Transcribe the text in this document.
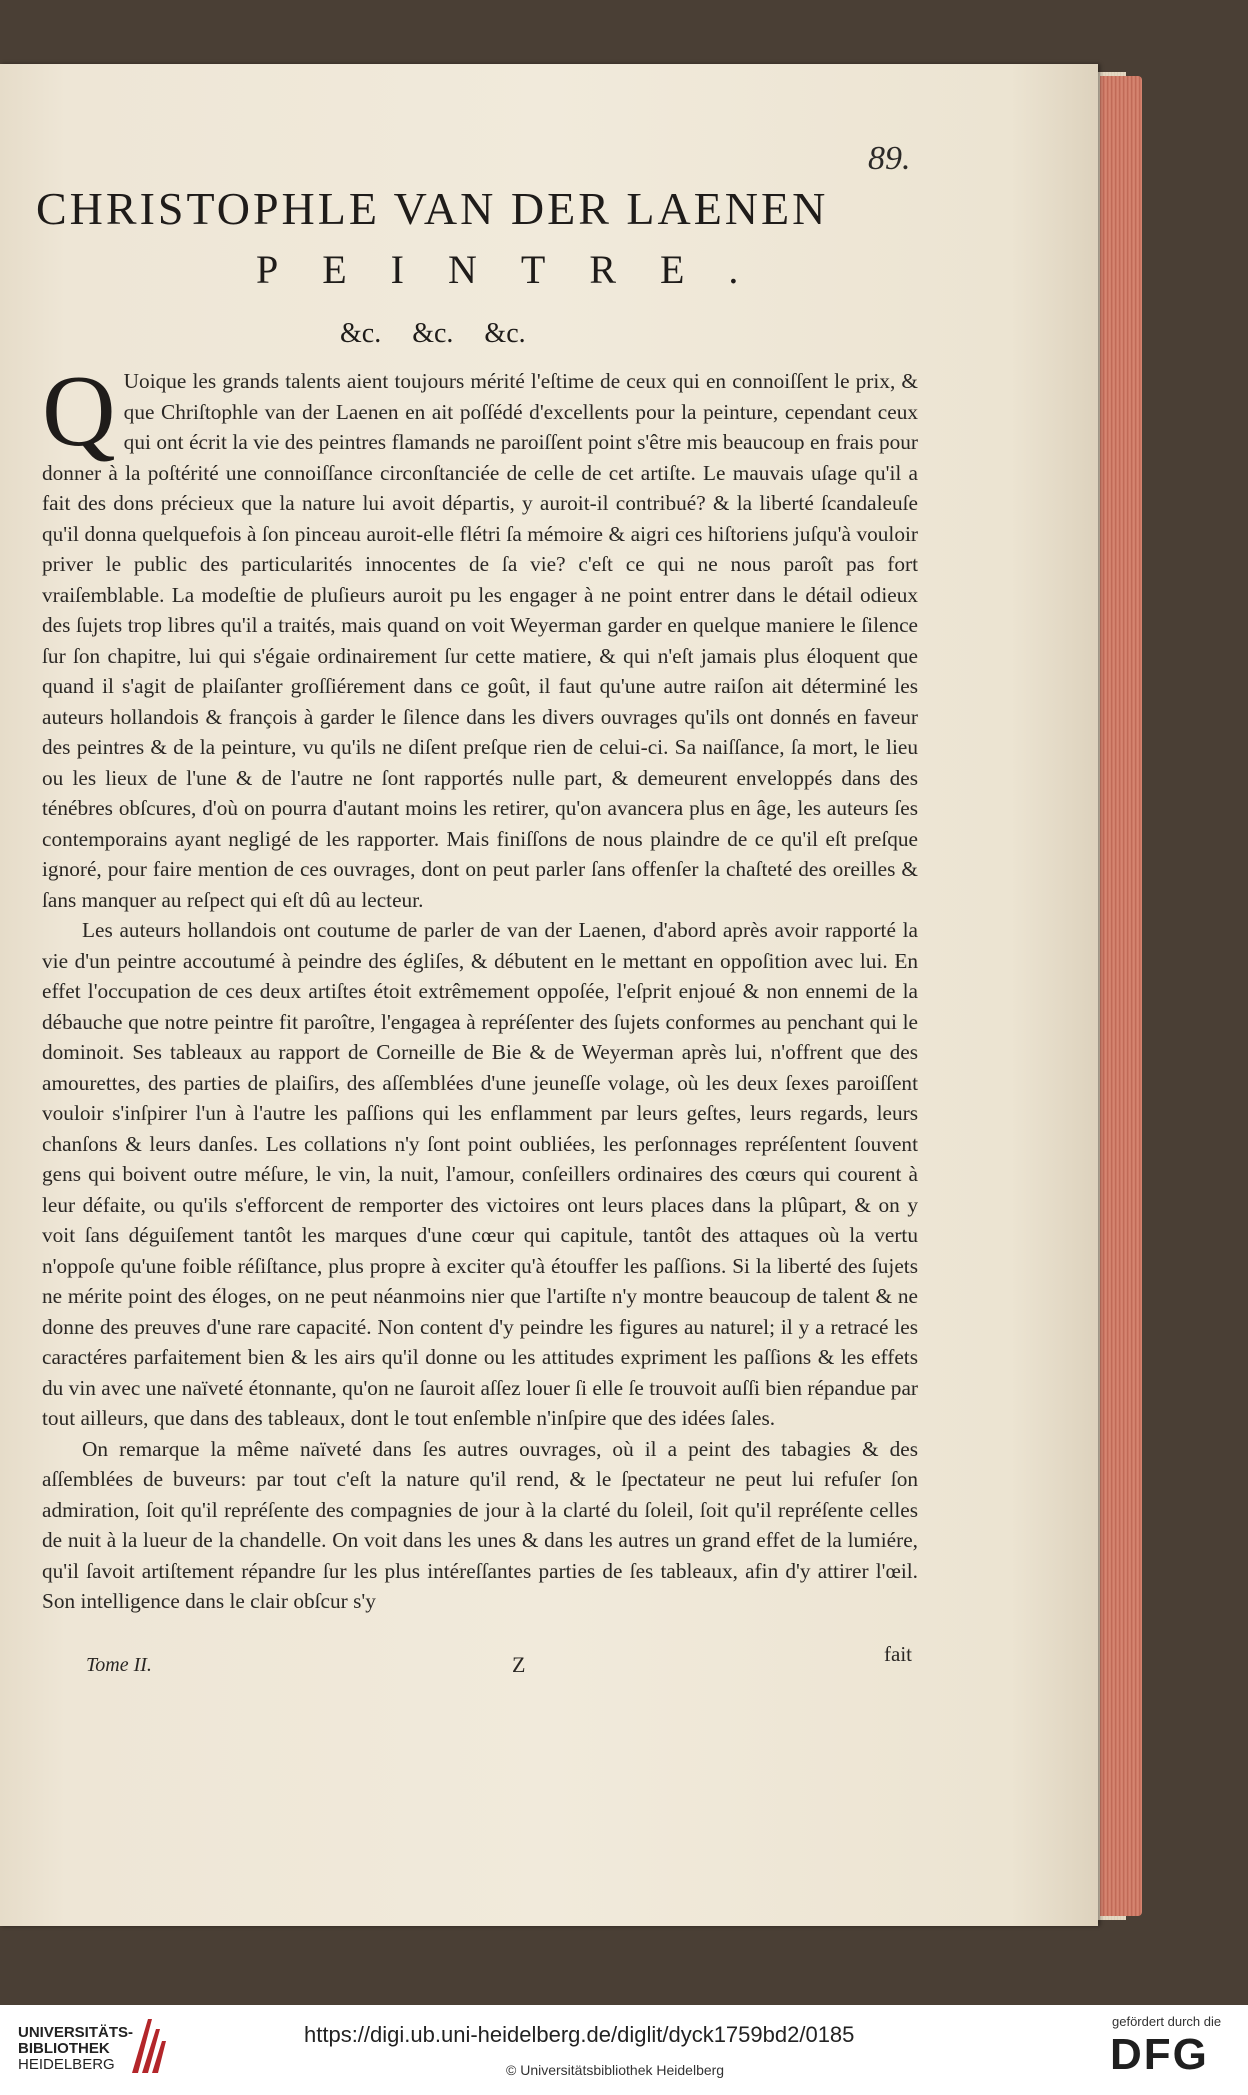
89.
CHRISTOPHLE VAN DER LAENEN
PEINTRE.
&c. &c. &c.

Q Uoique les grands talents aient toujours mérité l'eſtime de ceux qui en connoiſſent le prix, & que Chriſtophle van der Laenen en ait poſſédé d'excellents pour la peinture, cependant ceux qui ont écrit la vie des peintres flamands ne paroiſſent point s'être mis beaucoup en frais pour donner à la poſtérité une connoiſſance circonſtanciée de celle de cet artiſte. Le mauvais uſage qu'il a fait des dons précieux que la nature lui avoit départis, y auroit-il contribué? & la liberté ſcandaleuſe qu'il donna quelquefois à ſon pinceau auroit-elle flétri ſa mémoire & aigri ces hiſtoriens juſqu'à vouloir priver le public des particularités innocentes de ſa vie? c'eſt ce qui ne nous paroît pas fort vraiſemblable. La modeſtie de pluſieurs auroit pu les engager à ne point entrer dans le détail odieux des ſujets trop libres qu'il a traités, mais quand on voit Weyerman garder en quelque maniere le ſilence ſur ſon chapitre, lui qui s'égaie ordinairement ſur cette matiere, & qui n'eſt jamais plus éloquent que quand il s'agit de plaiſanter groſſiérement dans ce goût, il faut qu'une autre raiſon ait déterminé les auteurs hollandois & françois à garder le ſilence dans les divers ouvrages qu'ils ont donnés en faveur des peintres & de la peinture, vu qu'ils ne diſent preſque rien de celui-ci. Sa naiſſance, ſa mort, le lieu ou les lieux de l'une & de l'autre ne ſont rapportés nulle part, & demeurent enveloppés dans des ténébres obſcures, d'où on pourra d'autant moins les retirer, qu'on avancera plus en âge, les auteurs ſes contemporains ayant negligé de les rapporter. Mais finiſſons de nous plaindre de ce qu'il eſt preſque ignoré, pour faire mention de ces ouvrages, dont on peut parler ſans offenſer la chaſteté des oreilles & ſans manquer au reſpect qui eſt dû au lecteur.

Les auteurs hollandois ont coutume de parler de van der Laenen, d'abord après avoir rapporté la vie d'un peintre accoutumé à peindre des égliſes, & débutent en le mettant en oppoſition avec lui. En effet l'occupation de ces deux artiſtes étoit extrêmement oppoſée, l'eſprit enjoué & non ennemi de la débauche que notre peintre fit paroître, l'engagea à repréſenter des ſujets conformes au penchant qui le dominoit. Ses tableaux au rapport de Corneille de Bie & de Weyerman après lui, n'offrent que des amourettes, des parties de plaiſirs, des aſſemblées d'une jeuneſſe volage, où les deux ſexes paroiſſent vouloir s'inſpirer l'un à l'autre les paſſions qui les enflamment par leurs geſtes, leurs regards, leurs chanſons & leurs danſes. Les collations n'y ſont point oubliées, les perſonnages repréſentent ſouvent gens qui boivent outre méſure, le vin, la nuit, l'amour, conſeillers ordinaires des cœurs qui courent à leur défaite, ou qu'ils s'efforcent de remporter des victoires ont leurs places dans la plûpart, & on y voit ſans déguiſement tantôt les marques d'une cœur qui capitule, tantôt des attaques où la vertu n'oppoſe qu'une foible réſiſtance, plus propre à exciter qu'à étouffer les paſſions. Si la liberté des ſujets ne mérite point des éloges, on ne peut néanmoins nier que l'artiſte n'y montre beaucoup de talent & ne donne des preuves d'une rare capacité. Non content d'y peindre les figures au naturel; il y a retracé les caractéres parfaitement bien & les airs qu'il donne ou les attitudes expriment les paſſions & les effets du vin avec une naïveté étonnante, qu'on ne ſauroit aſſez louer ſi elle ſe trouvoit auſſi bien répandue par tout ailleurs, que dans des tableaux, dont le tout enſemble n'inſpire que des idées ſales.

On remarque la même naïveté dans ſes autres ouvrages, où il a peint des tabagies & des aſſemblées de buveurs: par tout c'eſt la nature qu'il rend, & le ſpectateur ne peut lui refuſer ſon admiration, ſoit qu'il repréſente des compagnies de jour à la clarté du ſoleil, ſoit qu'il repréſente celles de nuit à la lueur de la chandelle. On voit dans les unes & dans les autres un grand effet de la lumiére, qu'il ſavoit artiſtement répandre ſur les plus intéreſſantes parties de ſes tableaux, afin d'y attirer l'œil. Son intelligence dans le clair obſcur s'y

Tome II.	Z	fait
UNIVERSITÄTS-
BIBLIOTHEK
HEIDELBERG
https://digi.ub.uni-heidelberg.de/diglit/dyck1759bd2/0185
© Universitätsbibliothek Heidelberg
gefördert durch die
DFG
